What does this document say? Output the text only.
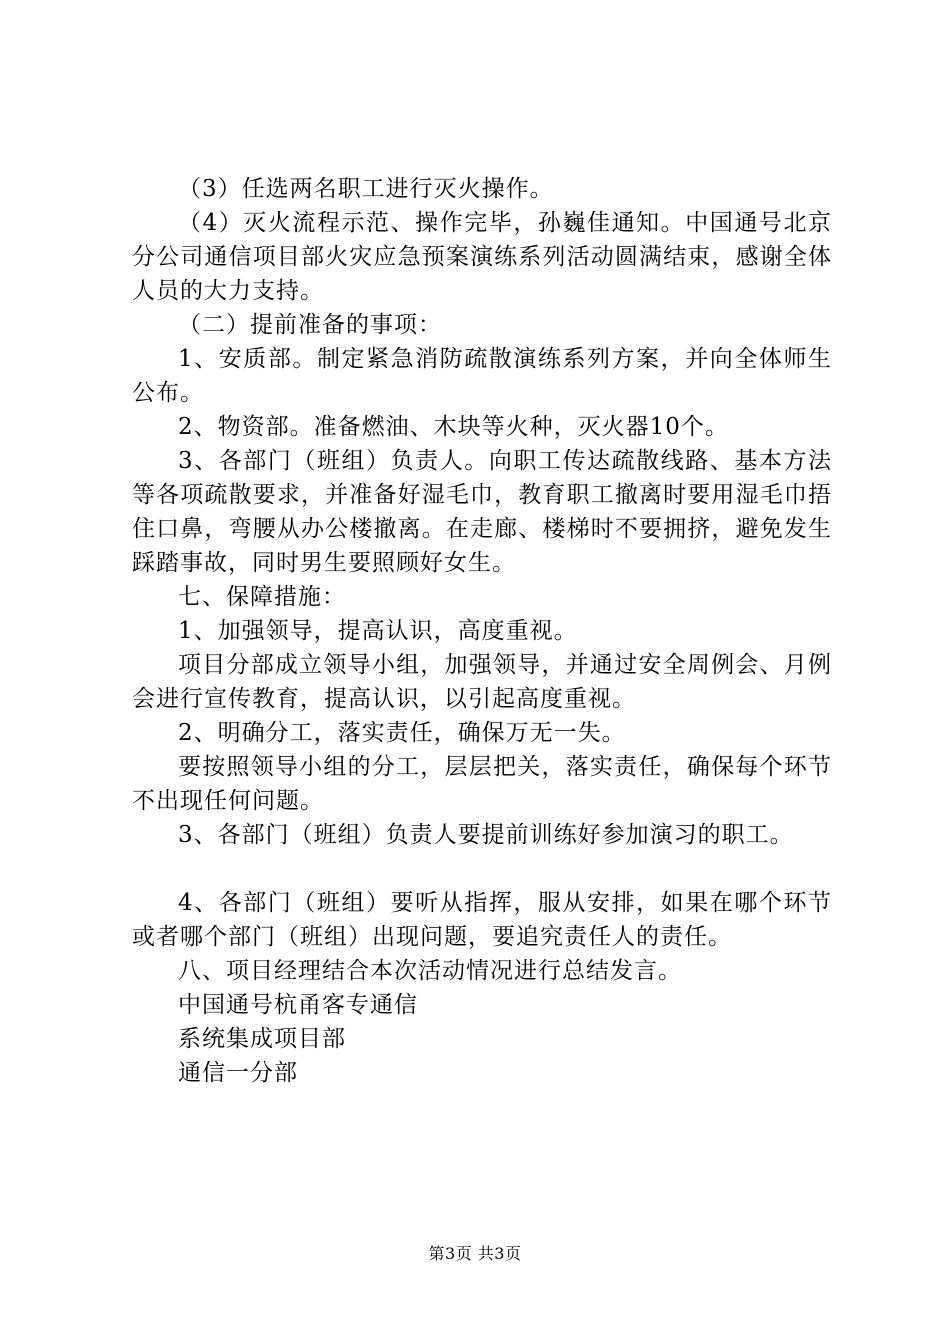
（3）任选两名职工进行灭火操作。

（4）灭火流程示范、操作完毕，孙巍佳通知。中国通号北京分公司通信项目部火灾应急预案演练系列活动圆满结束，感谢全体人员的大力支持。

（二）提前准备的事项：

1、安质部。制定紧急消防疏散演练系列方案，并向全体师生公布。

2、物资部。准备燃油、木块等火种，灭火器10个。

3、各部门（班组）负责人。向职工传达疏散线路、基本方法等各项疏散要求，并准备好湿毛巾，教育职工撤离时要用湿毛巾捂住口鼻，弯腰从办公楼撤离。在走廊、楼梯时不要拥挤，避免发生踩踏事故，同时男生要照顾好女生。

七、保障措施：

1、加强领导，提高认识，高度重视。

项目分部成立领导小组，加强领导，并通过安全周例会、月例会进行宣传教育，提高认识，以引起高度重视。

2、明确分工，落实责任，确保万无一失。

要按照领导小组的分工，层层把关，落实责任，确保每个环节不出现任何问题。

3、各部门（班组）负责人要提前训练好参加演习的职工。

4、各部门（班组）要听从指挥，服从安排，如果在哪个环节或者哪个部门（班组）出现问题，要追究责任人的责任。

八、项目经理结合本次活动情况进行总结发言。

中国通号杭甬客专通信

系统集成项目部

通信一分部

第3页 共3页
